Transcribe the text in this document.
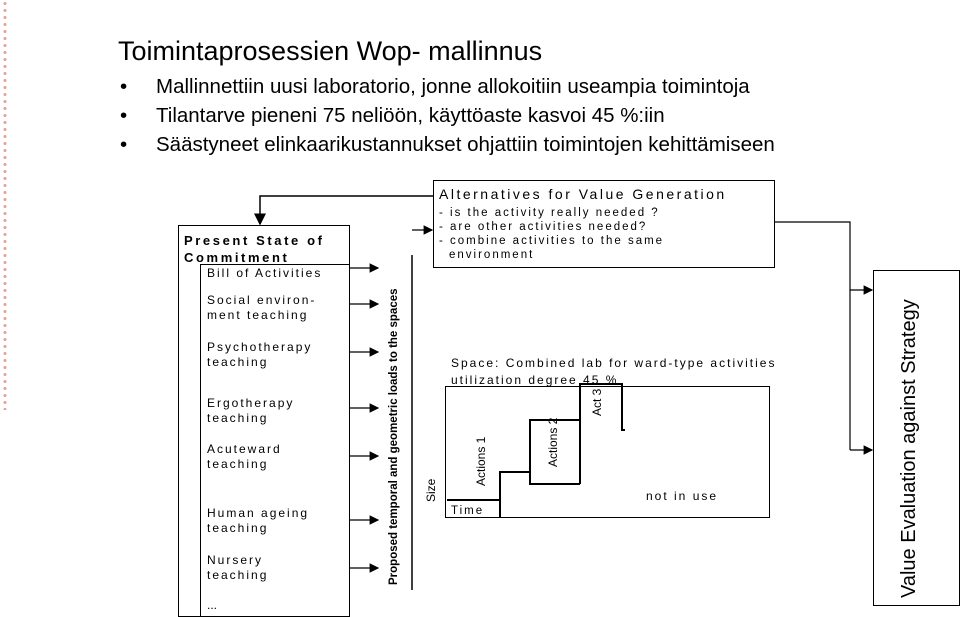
Toimintaprosessien Wop- mallinnus
• Mallinnettiin uusi laboratorio, jonne allokoitiin useampia toimintoja
• Tilantarve pieneni 75 neliöön, käyttöaste kasvoi 45 %:iin
• Säästyneet elinkaarikustannukset ohjattiin toimintojen kehittämiseen
Present State of
Commitment
Bill of Activities
Social environ-
ment teaching
Psychotherapy
teaching
Ergotherapy
teaching
Acuteward
teaching
Human ageing
teaching
Nursery
teaching
...
Proposed temporal and geometric loads to the spaces
Alternatives for Value Generation
- is the activity really needed ?
- are other activities needed?
- combine activities to the same
environment
Space: Combined lab for ward-type activities
utilization degree 45 %
Size
Actions 1	Actions 2
Act 3
Time
not in use	Value Evaluation against Strategy
